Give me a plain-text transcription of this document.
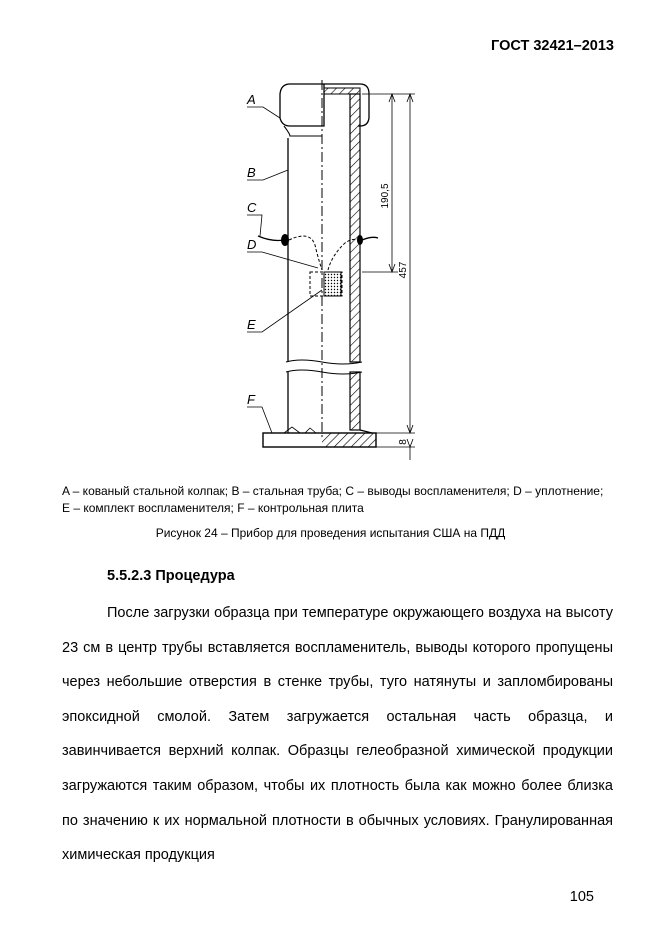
ГОСТ 32421–2013
190,5
457
8
A
B
C
D
E
F
A – кованый стальной колпак; B – стальная труба; C – выводы воспламенителя; D – уплотнение; E – комплект воспламенителя; F – контрольная плита
Рисунок 24 – Прибор для проведения испытания США на ПДД
5.5.2.3 Процедура

После загрузки образца при температуре окружающего воздуха на высоту 23 см в центр трубы вставляется воспламенитель, выводы которого пропущены через небольшие отверстия в стенке трубы, туго натянуты и запломбированы эпоксидной смолой. Затем загружается остальная часть образца, и завинчивается верхний колпак. Образцы гелеобразной химической продукции загружаются таким образом, чтобы их плотность была как можно более близка по значению к их нормальной плотности в обычных условиях. Гранулированная химическая продукция

105
